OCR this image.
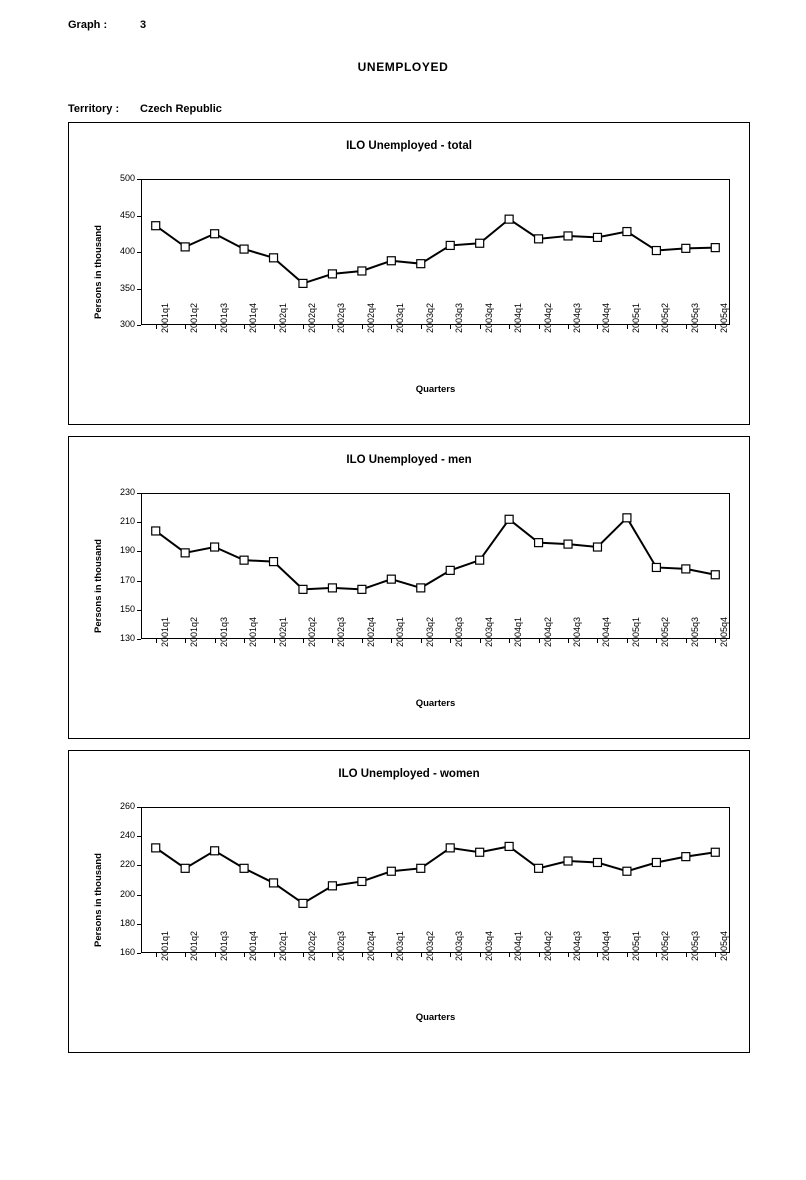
Graph :	3
UNEMPLOYED
Territory : Czech Republic
ILO Unemployed - total
Persons in thousand
300
350
400
450
500
2001q1 2001q2 2001q3 2001q4 2002q1 2002q2 2002q3 2002q4 2003q1 2003q2 2003q3 2003q4 2004q1 2004q2 2004q3 2004q4 2005q1 2005q2 2005q3 2005q4
Quarters
ILO Unemployed - men
Persons in thousand
130
150
170
190
210
230
2001q1 2001q2 2001q3 2001q4 2002q1 2002q2 2002q3 2002q4 2003q1 2003q2 2003q3 2003q4 2004q1 2004q2 2004q3 2004q4 2005q1 2005q2 2005q3 2005q4
Quarters
ILO Unemployed - women
Persons in thousand
160
180
200
220
240
260
2001q1 2001q2 2001q3 2001q4 2002q1 2002q2 2002q3 2002q4 2003q1 2003q2 2003q3 2003q4 2004q1 2004q2 2004q3 2004q4 2005q1 2005q2 2005q3 2005q4
Quarters
